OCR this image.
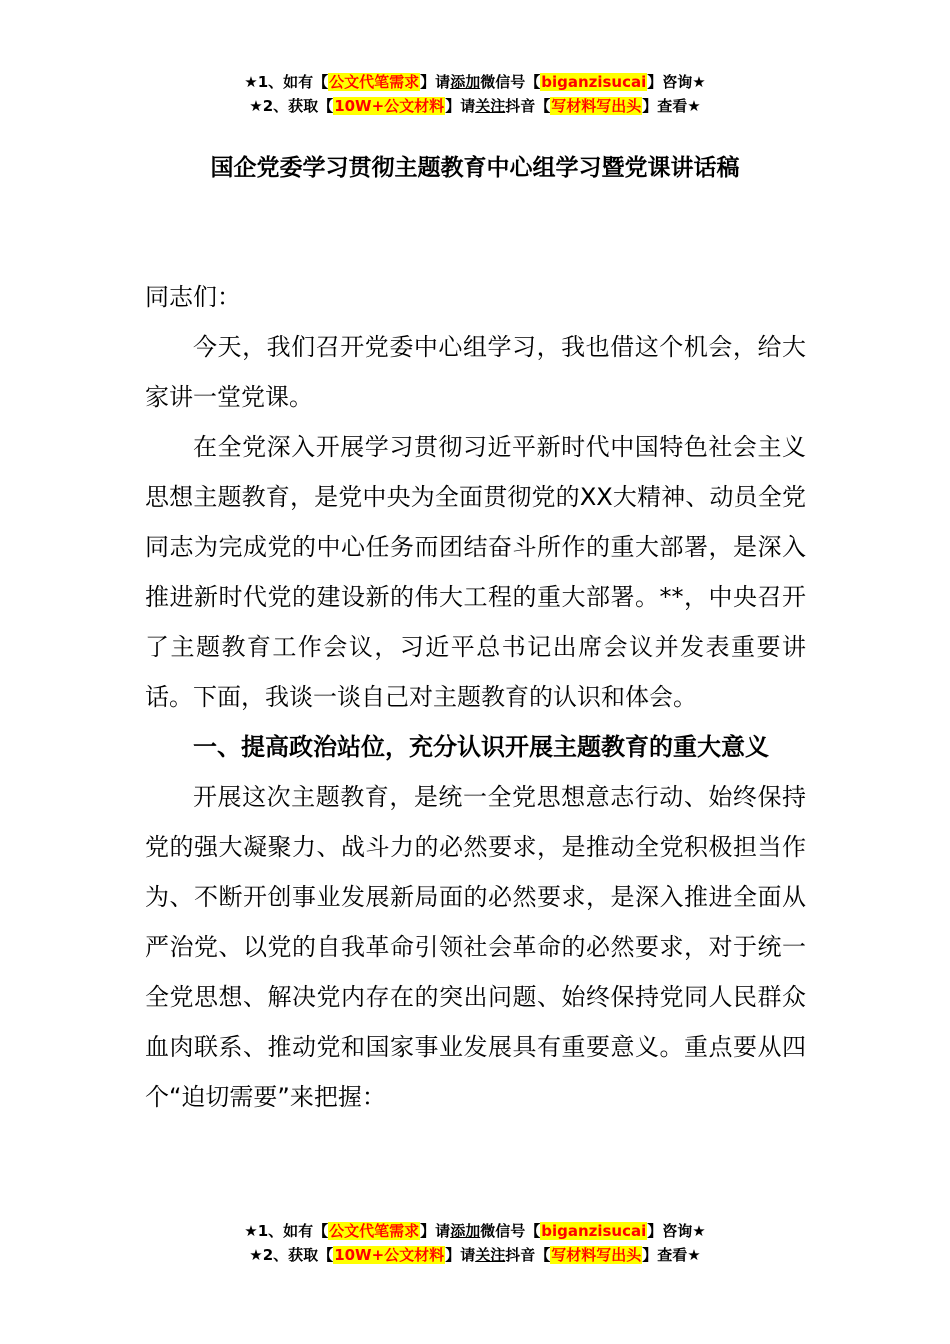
★1、如有【公文代笔需求】请添加微信号【biganzisucai】咨询★
★2、获取【10W+公文材料】请关注抖音【写材料写出头】查看★
国企党委学习贯彻主题教育中心组学习暨党课讲话稿

同志们：

今天，我们召开党委中心组学习，我也借这个机会，给大家讲一堂党课。

在全党深入开展学习贯彻习近平新时代中国特色社会主义思想主题教育，是党中央为全面贯彻党的XX大精神、动员全党同志为完成党的中心任务而团结奋斗所作的重大部署，是深入推进新时代党的建设新的伟大工程的重大部署。**，中央召开了主题教育工作会议，习近平总书记出席会议并发表重要讲话。下面，我谈一谈自己对主题教育的认识和体会。

一、提高政治站位，充分认识开展主题教育的重大意义

开展这次主题教育，是统一全党思想意志行动、始终保持党的强大凝聚力、战斗力的必然要求，是推动全党积极担当作为、不断开创事业发展新局面的必然要求，是深入推进全面从严治党、以党的自我革命引领社会革命的必然要求，对于统一全党思想、解决党内存在的突出问题、始终保持党同人民群众血肉联系、推动党和国家事业发展具有重要意义。重点要从四个“迫切需要”来把握：

★1、如有【公文代笔需求】请添加微信号【biganzisucai】咨询★
★2、获取【10W+公文材料】请关注抖音【写材料写出头】查看★
